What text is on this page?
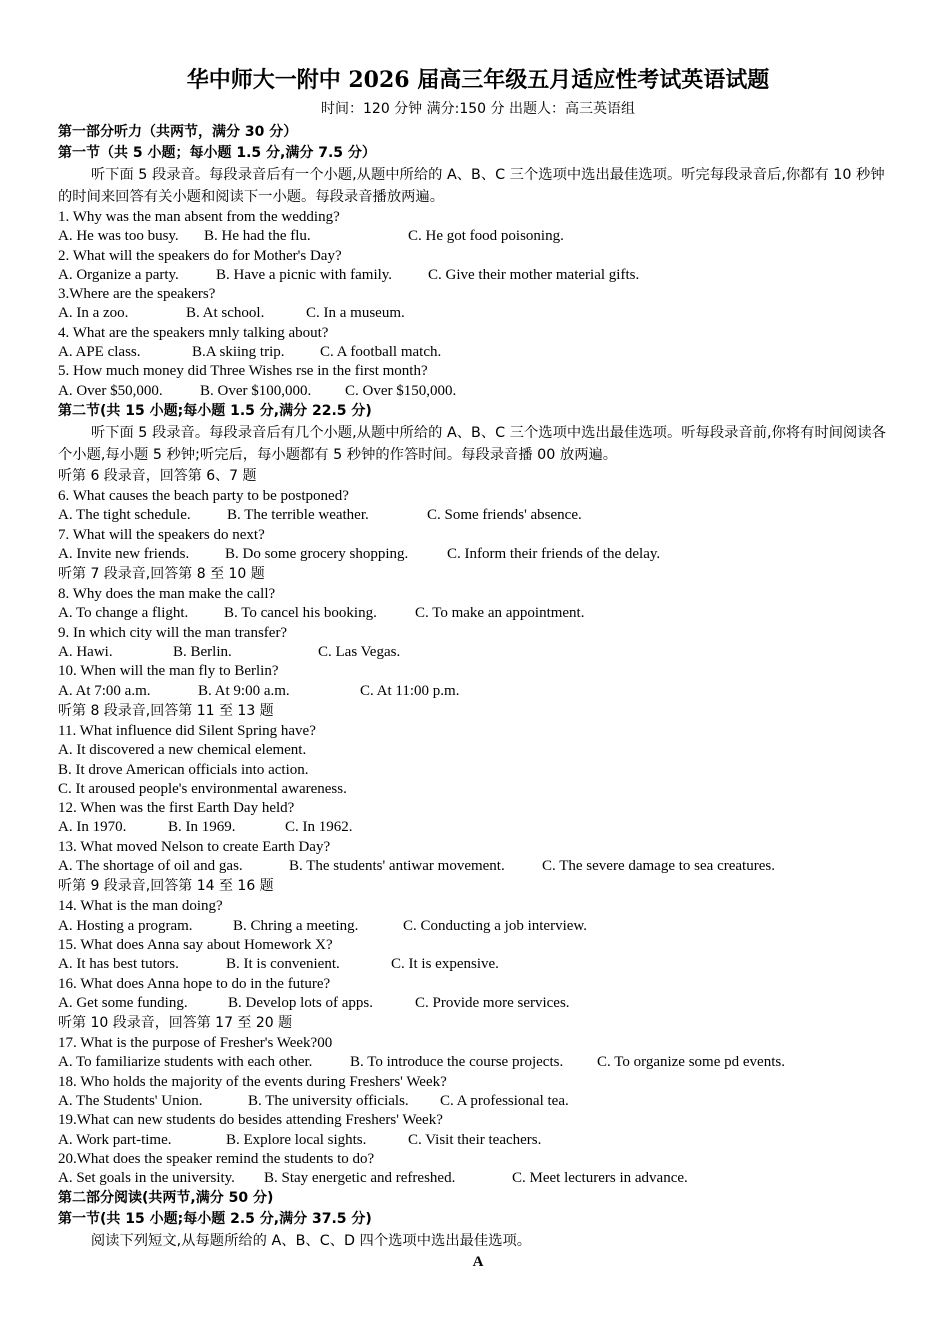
华中师大一附中 2026 届高三年级五月适应性考试英语试题
时间：120 分钟 满分:150 分 出题人：高三英语组
第一部分听力（共两节，满分 30 分）
第一节（共 5 小题；每小题 1.5 分,满分 7.5 分）
听下面 5 段录音。每段录音后有一个小题,从题中所给的 A、B、C 三个选项中选出最佳选项。听完每段录音后,你都有 10 秒钟的时间来回答有关小题和阅读下一小题。每段录音播放两遍。
1. Why was the man absent from the wedding?
A. He was too busy.	B. He had the flu.	C. He got food poisoning.
2. What will the speakers do for Mother's Day?
A. Organize a party.	B. Have a picnic with family.	C. Give their mother material gifts.
3.Where are the speakers?
A. In a zoo.	B. At school.	C. In a museum.
4. What are the speakers mnly talking about?
A. APE class.	B.A skiing trip.	C. A football match.
5. How much money did Three Wishes rse in the first month?
A. Over $50,000.	B. Over $100,000.	C. Over $150,000.
第二节(共 15 小题;每小题 1.5 分,满分 22.5 分)
听下面 5 段录音。每段录音后有几个小题,从题中所给的 A、B、C 三个选项中选出最佳选项。听每段录音前,你将有时间阅读各个小题,每小题 5 秒钟;听完后，每小题都有 5 秒钟的作答时间。每段录音播 00 放两遍。
听第 6 段录音，回答第 6、7 题
6. What causes the beach party to be postponed?
A. The tight schedule.	B. The terrible weather.	C. Some friends' absence.
7. What will the speakers do next?
A. Invite new friends.	B. Do some grocery shopping.	C. Inform their friends of the delay.
听第 7 段录音,回答第 8 至 10 题
8. Why does the man make the call?
A. To change a flight.	B. To cancel his booking.	C. To make an appointment.
9. In which city will the man transfer?
A. Hawi.	B. Berlin.	C. Las Vegas.
10. When will the man fly to Berlin?
A. At 7:00 a.m.	B. At 9:00 a.m.	C. At 11:00 p.m.
听第 8 段录音,回答第 11 至 13 题
11. What influence did Silent Spring have?
A. It discovered a new chemical element.
B. It drove American officials into action.
C. It aroused people's environmental awareness.
12. When was the first Earth Day held?
A. In 1970.	B. In 1969.	C. In 1962.
13. What moved Nelson to create Earth Day?
A. The shortage of oil and gas.	B. The students' antiwar movement.	C. The severe damage to sea creatures.
听第 9 段录音,回答第 14 至 16 题
14. What is the man doing?
A. Hosting a program.	B. Chring a meeting.	C. Conducting a job interview.
15. What does Anna say about Homework X?
A. It has best tutors.	B. It is convenient.	C. It is expensive.
16. What does Anna hope to do in the future?
A. Get some funding.	B. Develop lots of apps.	C. Provide more services.
听第 10 段录音，回答第 17 至 20 题
17. What is the purpose of Fresher's Week?00
A. To familiarize students with each other.	B. To introduce the course projects.	C. To organize some pd events.
18. Who holds the majority of the events during Freshers' Week?
A. The Students' Union.	B. The university officials.	C. A professional tea.
19.What can new students do besides attending Freshers' Week?
A. Work part-time.	B. Explore local sights.	C. Visit their teachers.
20.What does the speaker remind the students to do?
A. Set goals in the university.	B. Stay energetic and refreshed.	C. Meet lecturers in advance.
第二部分阅读(共两节,满分 50 分)
第一节(共 15 小题;每小题 2.5 分,满分 37.5 分)
阅读下列短文,从每题所给的 A、B、C、D 四个选项中选出最佳选项。
A
